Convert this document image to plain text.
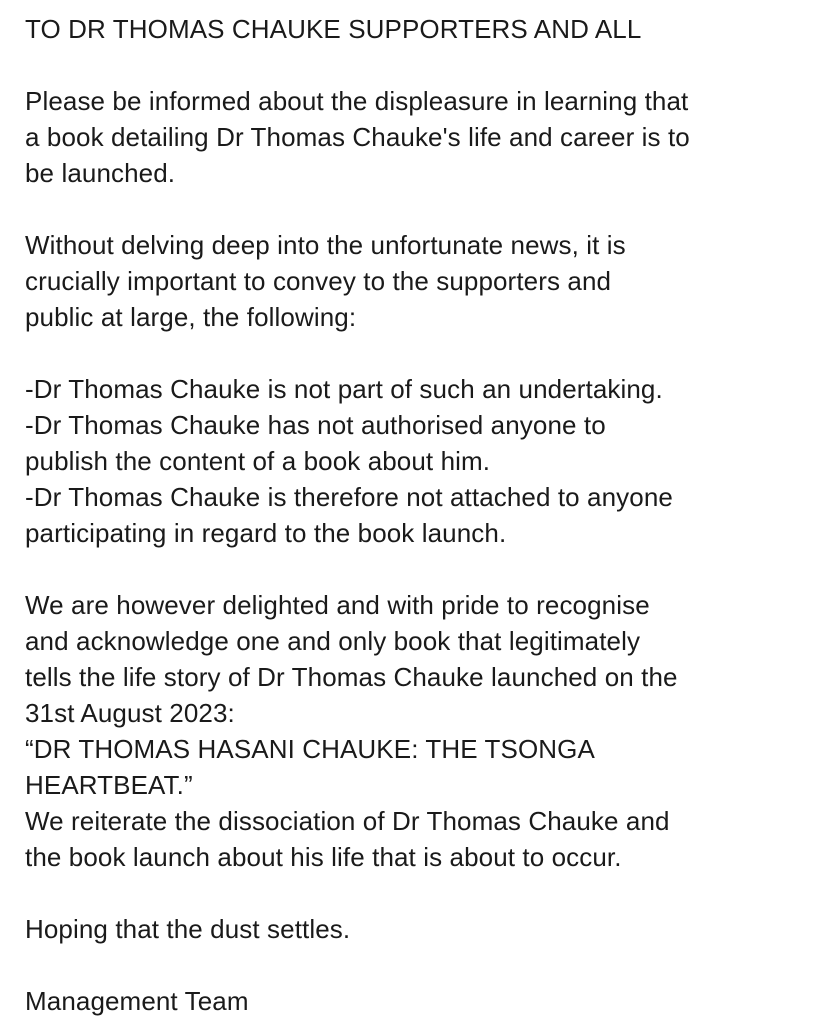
TO DR THOMAS CHAUKE SUPPORTERS AND ALL
Please be informed about the displeasure in learning that
a book detailing Dr Thomas Chauke's life and career is to
be launched.
Without delving deep into the unfortunate news, it is
crucially important to convey to the supporters and
public at large, the following:
-Dr Thomas Chauke is not part of such an undertaking.
-Dr Thomas Chauke has not authorised anyone to
publish the content of a book about him.
-Dr Thomas Chauke is therefore not attached to anyone
participating in regard to the book launch.
We are however delighted and with pride to recognise
and acknowledge one and only book that legitimately
tells the life story of Dr Thomas Chauke launched on the
31st August 2023:
“DR THOMAS HASANI CHAUKE: THE TSONGA
HEARTBEAT.”
We reiterate the dissociation of Dr Thomas Chauke and
the book launch about his life that is about to occur.
Hoping that the dust settles.
Management Team
